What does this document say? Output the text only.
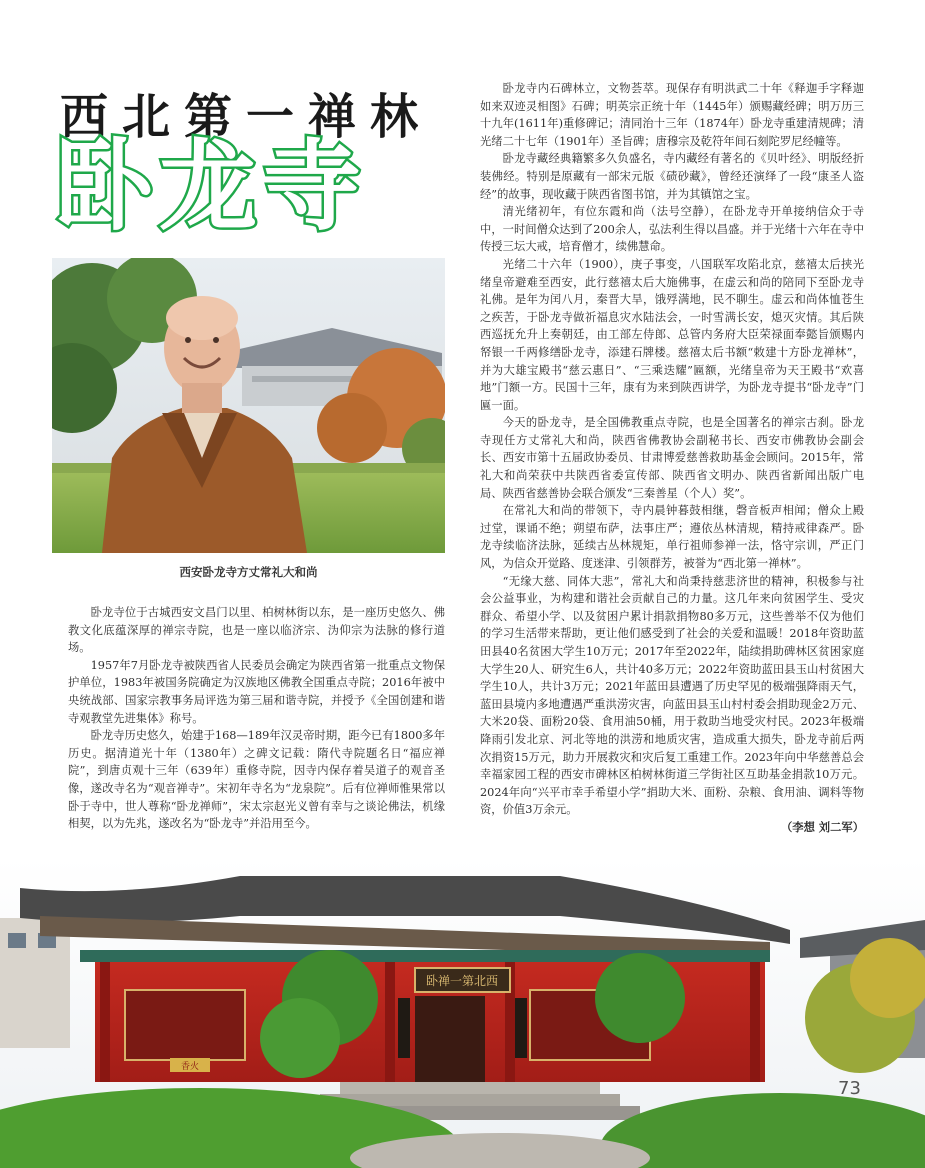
西北第一禅林
卧龙寺
西安卧龙寺方丈常礼大和尚

卧龙寺位于古城西安文昌门以里、柏树林街以东，是一座历史悠久、佛教文化底蕴深厚的禅宗寺院，也是一座以临济宗、沩仰宗为法脉的修行道场。

1957年7月卧龙寺被陕西省人民委员会确定为陕西省第一批重点文物保护单位，1983年被国务院确定为汉族地区佛教全国重点寺院；2016年被中央统战部、国家宗教事务局评选为第三届和谐寺院，并授予《全国创建和谐寺观教堂先进集体》称号。

卧龙寺历史悠久，始建于168—189年汉灵帝时期，距今已有1800多年历史。据清道光十年（1380年）之碑文记载：隋代寺院题名日“福应禅院”，到唐贞观十三年（639年）重修寺院，因寺内保存着吴道子的观音圣像，遂改寺名为“观音禅寺”。宋初年寺名为“龙泉院”。后有位禅师惟果常以卧于寺中，世人尊称“卧龙禅师”，宋太宗赵光义曾有幸与之谈论佛法，机缘相契，以为先兆，遂改名为“卧龙寺”并沿用至今。

卧龙寺内石碑林立，文物荟萃。现保存有明洪武二十年《释迦手字释迦如来双迹灵相图》石碑；明英宗正统十年（1445年）颁赐藏经碑；明万历三十九年(1611年)重修碑记；清同治十三年（1874年）卧龙寺重建清规碑；清光绪二十七年（1901年）圣旨碑；唐穆宗及乾符年间石刻陀罗尼经幢等。

卧龙寺藏经典籍繁多久负盛名，寺内藏经有著名的《贝叶经》、明版经折装佛经。特别是原藏有一部宋元版《碛砂藏》，曾经还演绎了一段“康圣人盗经”的故事，现收藏于陕西省图书馆，并为其镇馆之宝。

清光绪初年，有位东霞和尚（法号空静），在卧龙寺开单接纳信众于寺中，一时间僧众达到了200余人，弘法利生得以昌盛。并于光绪十六年在寺中传授三坛大戒，培育僧才，续佛慧命。

光绪二十六年（1900），庚子事变，八国联军攻陷北京，慈禧太后挟光绪皇帝避难至西安，此行慈禧太后大施佛事，在虚云和尚的陪同下至卧龙寺礼佛。是年为闰八月，秦晋大旱，饿殍满地，民不聊生。虚云和尚体恤苍生之疾苦，于卧龙寺做祈福息灾水陆法会，一时雪满长安，熄灭灾情。其后陕西巡抚允升上奏朝廷，由工部左侍郎、总管内务府大臣荣禄面奉懿旨颁赐内帑银一千两修缮卧龙寺，添建石牌楼。慈禧太后书额“敕建十方卧龙禅林”，并为大雄宝殿书“慈云惠日”、“三乘迭耀”匾额，光绪皇帝为天王殿书“欢喜地”门额一方。民国十三年，康有为来到陕西讲学，为卧龙寺提书“卧龙寺”门匾一面。

今天的卧龙寺，是全国佛教重点寺院，也是全国著名的禅宗古刹。卧龙寺现任方丈常礼大和尚，陕西省佛教协会副秘书长、西安市佛教协会副会长、西安市第十五届政协委员、甘肃博爱慈善救助基金会顾问。2015年，常礼大和尚荣获中共陕西省委宣传部、陕西省文明办、陕西省新闻出版广电局、陕西省慈善协会联合颁发“三秦善星（个人）奖”。

在常礼大和尚的带领下，寺内晨钟暮鼓相继，磬音板声相闻；僧众上殿过堂，课诵不绝；朔望布萨，法事庄严；遵依丛林清规，精持戒律森严。卧龙寺续临济法脉，延续古丛林规矩，单行祖师参禅一法，恪守宗训，严正门风，为信众开觉路、度迷津、引领群芳，被誉为“西北第一禅林”。

“无缘大慈、同体大悲”，常礼大和尚秉持慈悲济世的精神，积极参与社会公益事业，为构建和谐社会贡献自己的力量。这几年来向贫困学生、受灾群众、希望小学、以及贫困户累计捐款捐物80多万元，这些善举不仅为他们的学习生活带来帮助，更让他们感受到了社会的关爱和温暖！2018年资助蓝田县40名贫困大学生10万元；2017年至2022年，陆续捐助碑林区贫困家庭大学生20人、研究生6人，共计40多万元；2022年资助蓝田县玉山村贫困大学生10人，共计3万元；2021年蓝田县遭遇了历史罕见的极端强降雨天气，蓝田县境内多地遭遇严重洪涝灾害，向蓝田县玉山村村委会捐助现金2万元、大米20袋、面粉20袋、食用油50桶，用于救助当地受灾村民。2023年极端降雨引发北京、河北等地的洪涝和地质灾害，造成重大损失，卧龙寺前后两次捐资15万元，助力开展救灾和灾后复工重建工作。2023年向中华慈善总会幸福家园工程的西安市碑林区柏树林街道三学街社区互助基金捐款10万元。2024年向“兴平市幸手希望小学”捐助大米、面粉、杂粮、食用油、调料等物资，价值3万余元。

（李想 刘二军）

卧禅一第北西
香火
73
